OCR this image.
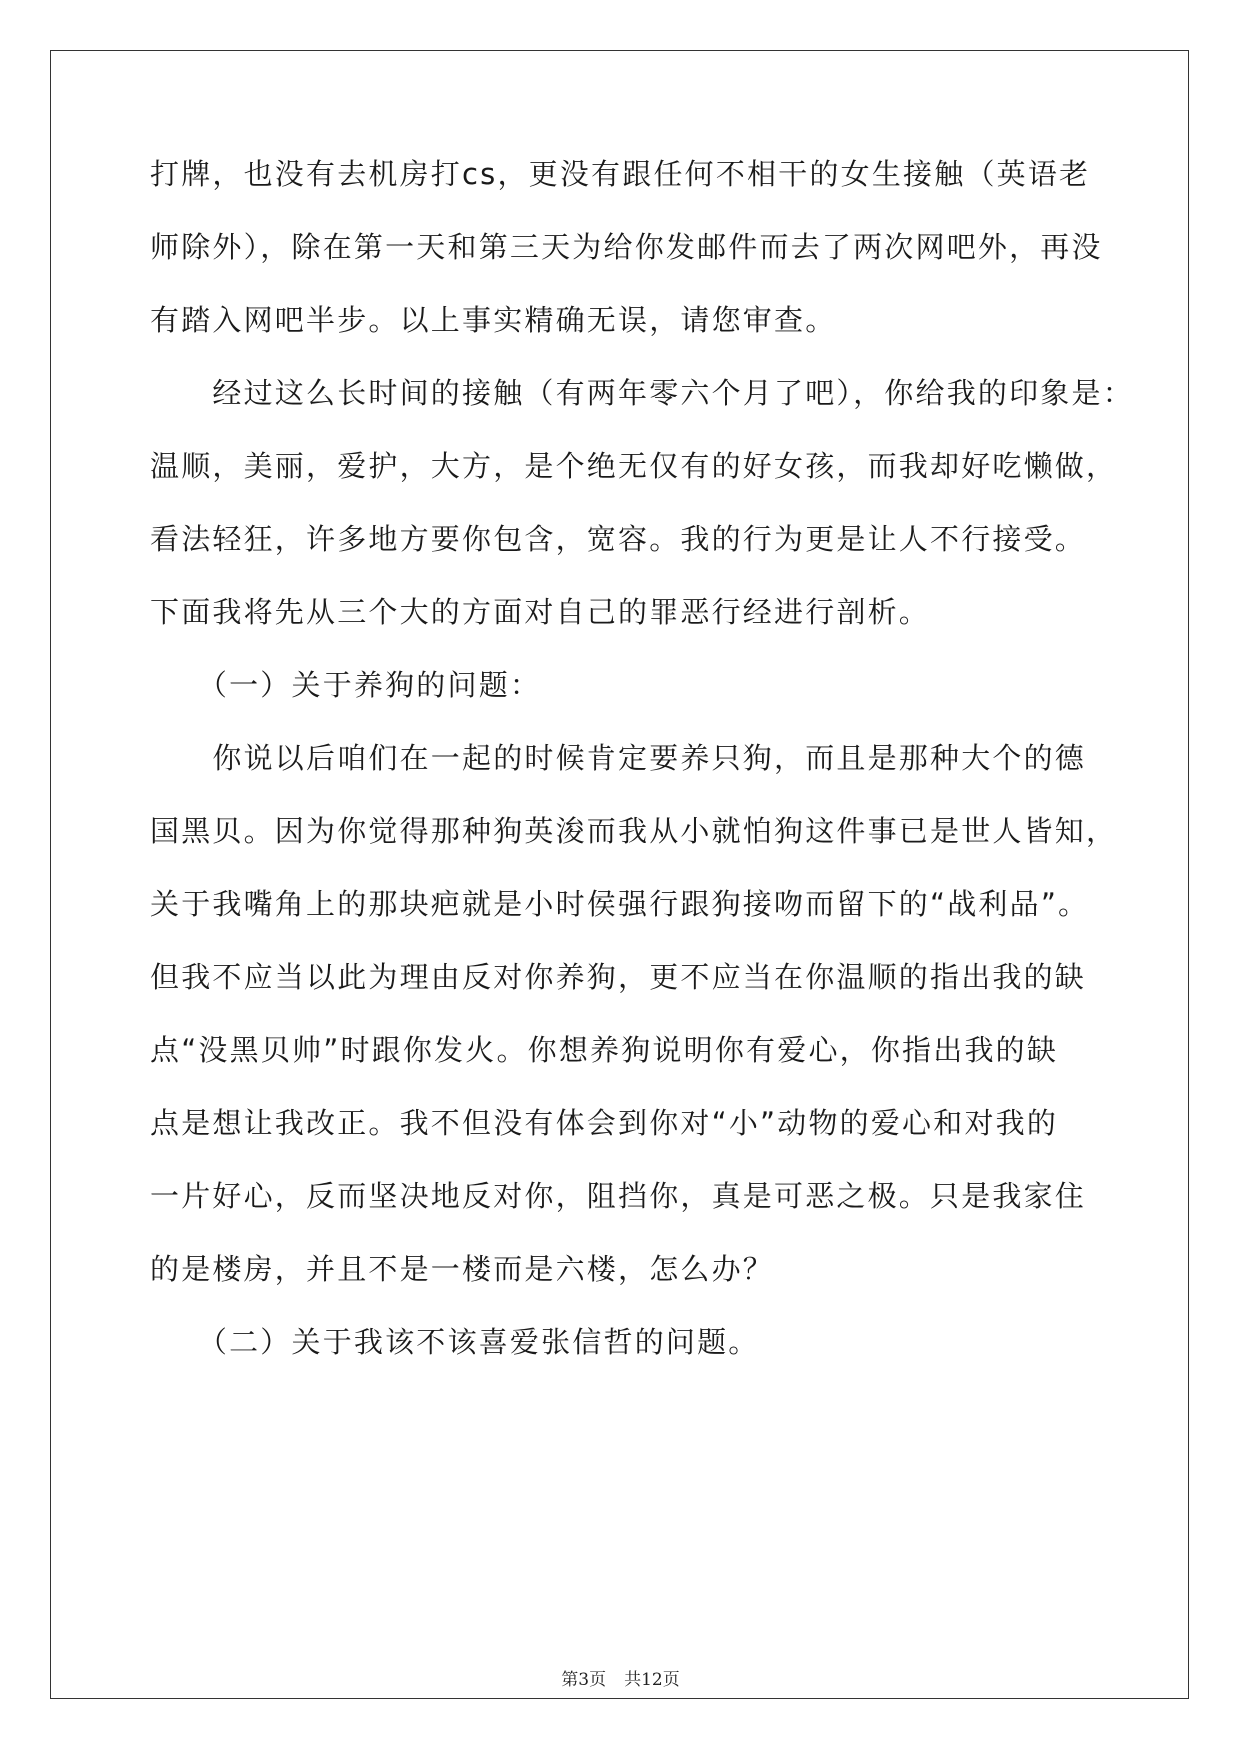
打牌，也没有去机房打cs，更没有跟任何不相干的女生接触（英语老
师除外），除在第一天和第三天为给你发邮件而去了两次网吧外，再没
有踏入网吧半步。以上事实精确无误，请您审查。
　　经过这么长时间的接触（有两年零六个月了吧），你给我的印象是：
温顺，美丽，爱护，大方，是个绝无仅有的好女孩，而我却好吃懒做，
看法轻狂，许多地方要你包含，宽容。我的行为更是让人不行接受。
下面我将先从三个大的方面对自己的罪恶行经进行剖析。
　　（一）关于养狗的问题：
　　你说以后咱们在一起的时候肯定要养只狗，而且是那种大个的德
国黑贝。因为你觉得那种狗英浚而我从小就怕狗这件事已是世人皆知，
关于我嘴角上的那块疤就是小时侯强行跟狗接吻而留下的“战利品”。
但我不应当以此为理由反对你养狗，更不应当在你温顺的指出我的缺
点“没黑贝帅”时跟你发火。你想养狗说明你有爱心，你指出我的缺
点是想让我改正。我不但没有体会到你对“小”动物的爱心和对我的
一片好心，反而坚决地反对你，阻挡你，真是可恶之极。只是我家住
的是楼房，并且不是一楼而是六楼，怎么办？
　　（二）关于我该不该喜爱张信哲的问题。
第3页 共12页
